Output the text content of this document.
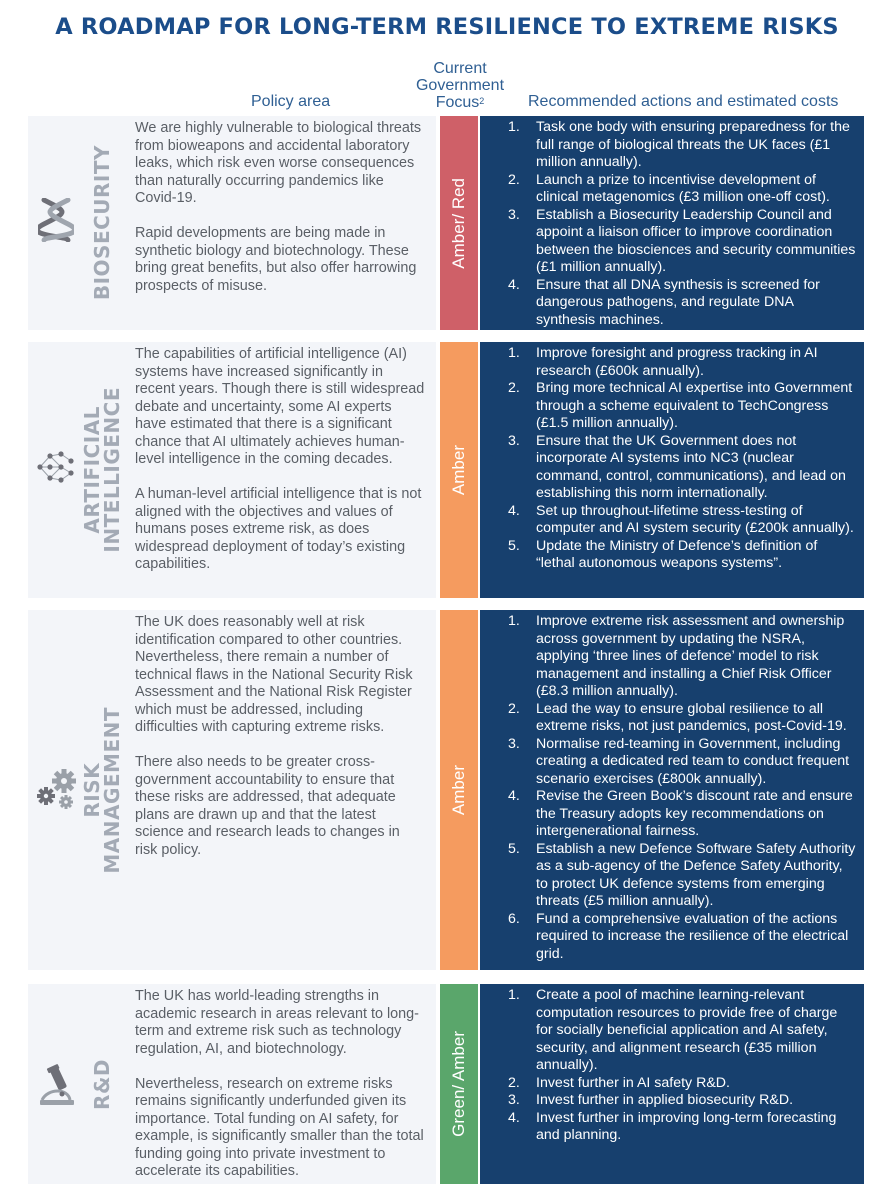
A ROADMAP FOR LONG-TERM RESILIENCE TO EXTREME RISKS
Policy area
Current Government Focus$^2$	Recommended actions and estimated costs
BIOSECURITY

We are highly vulnerable to biological threats from bioweapons and accidental laboratory leaks, which risk even worse consequences than naturally occurring pandemics like Covid-19.

Rapid developments are being made in synthetic biology and biotechnology. These bring great benefits, but also offer harrowing prospects of misuse.

Amber/ Red
1. Task one body with ensuring preparedness for the full range of biological threats the UK faces (£1 million annually).
2. Launch a prize to incentivise development of clinical metagenomics (£3 million one-off cost).
3. Establish a Biosecurity Leadership Council and appoint a liaison officer to improve coordination between the biosciences and security communities (£1 million annually).
4. Ensure that all DNA synthesis is screened for dangerous pathogens, and regulate DNA synthesis machines.
ARTIFICIAL
INTELLIGENCE

The capabilities of artificial intelligence (AI) systems have increased significantly in recent years. Though there is still widespread debate and uncertainty, some AI experts have estimated that there is a significant chance that AI ultimately achieves human-level intelligence in the coming decades.

A human-level artificial intelligence that is not aligned with the objectives and values of humans poses extreme risk, as does widespread deployment of today’s existing capabilities.

Amber
1. Improve foresight and progress tracking in AI research (£600k annually).
2. Bring more technical AI expertise into Government through a scheme equivalent to TechCongress (£1.5 million annually).
3. Ensure that the UK Government does not incorporate AI systems into NC3 (nuclear command, control, communications), and lead on establishing this norm internationally.
4. Set up throughout-lifetime stress-testing of computer and AI system security (£200k annually).
5. Update the Ministry of Defence’s definition of “lethal autonomous weapons systems”.
RISK
MANAGEMENT

The UK does reasonably well at risk identification compared to other countries. Nevertheless, there remain a number of technical flaws in the National Security Risk Assessment and the National Risk Register which must be addressed, including difficulties with capturing extreme risks.

There also needs to be greater cross-government accountability to ensure that these risks are addressed, that adequate plans are drawn up and that the latest science and research leads to changes in risk policy.

Amber
1. Improve extreme risk assessment and ownership across government by updating the NSRA, applying ‘three lines of defence’ model to risk management and installing a Chief Risk Officer (£8.3 million annually).
2. Lead the way to ensure global resilience to all extreme risks, not just pandemics, post-Covid-19.
3. Normalise red-teaming in Government, including creating a dedicated red team to conduct frequent scenario exercises (£800k annually).
4. Revise the Green Book’s discount rate and ensure the Treasury adopts key recommendations on intergenerational fairness.
5. Establish a new Defence Software Safety Authority as a sub-agency of the Defence Safety Authority, to protect UK defence systems from emerging threats (£5 million annually).
6. Fund a comprehensive evaluation of the actions required to increase the resilience of the electrical grid.
R&D

The UK has world-leading strengths in academic research in areas relevant to long-term and extreme risk such as technology regulation, AI, and biotechnology.

Nevertheless, research on extreme risks remains significantly underfunded given its importance. Total funding on AI safety, for example, is significantly smaller than the total funding going into private investment to accelerate its capabilities.

Green/ Amber
1. Create a pool of machine learning-relevant computation resources to provide free of charge for socially beneficial application and AI safety, security, and alignment research (£35 million annually).
2. Invest further in AI safety R&D.
3. Invest further in applied biosecurity R&D.
4. Invest further in improving long-term forecasting and planning.
